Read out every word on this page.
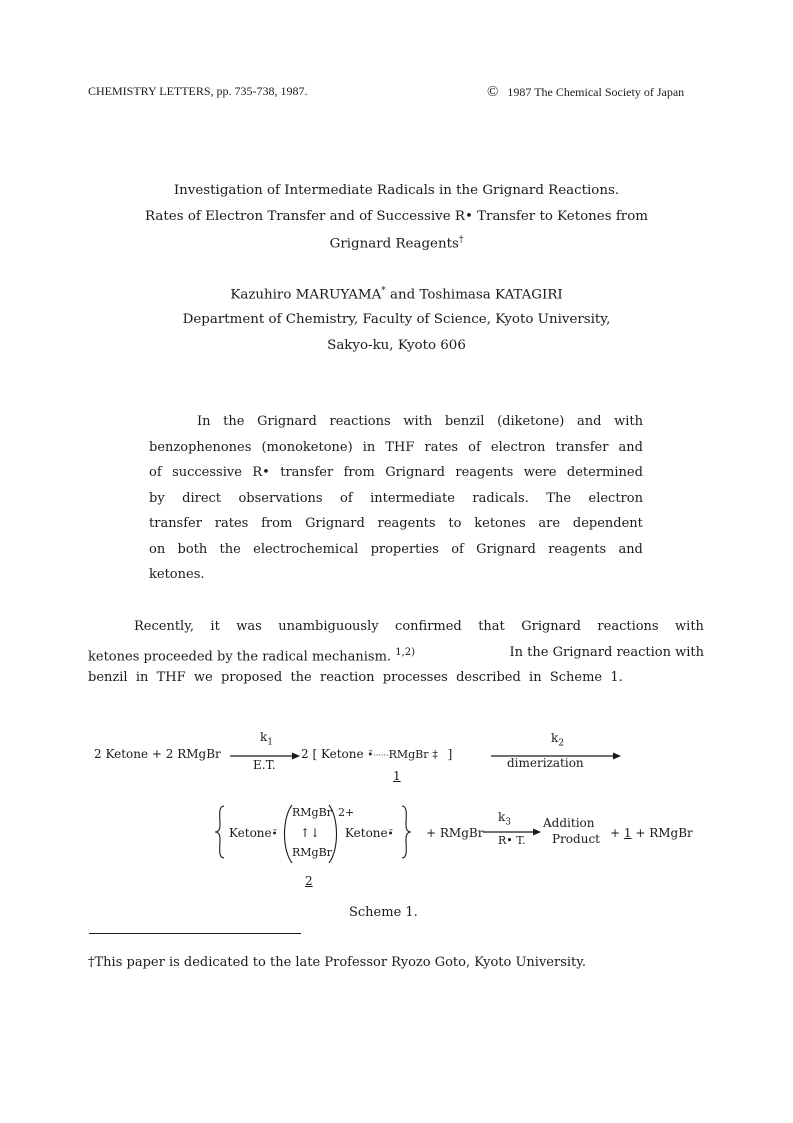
CHEMISTRY LETTERS, pp. 735-738, 1987.	© 1987 The Chemical Society of Japan
Investigation of Intermediate Radicals in the Grignard Reactions.
Rates of Electron Transfer and of Successive R• Transfer to Ketones from
Grignard Reagents†
Kazuhiro MARUYAMA* and Toshimasa KATAGIRI
Department of Chemistry, Faculty of Science, Kyoto University,
Sakyo-ku, Kyoto 606
In the Grignard reactions with benzil (diketone) and with
benzophenones (monoketone) in THF rates of electron transfer and
of successive R• transfer from Grignard reagents were determined
by direct observations of intermediate radicals. The electron
transfer rates from Grignard reagents to ketones are dependent
on both the electrochemical properties of Grignard reagents and
ketones.
Recently, it was unambiguously confirmed that Grignard reactions with
ketones proceeded by the radical mechanism. $^{1,2)}$	In the Grignard reaction with
benzil  in  THF  we  proposed  the  reaction  processes  described  in  Scheme  1.
2 Ketone + 2 RMgBr
$k_1$
E.T.
2 [ Ketone •̄······RMgBr ‡ ]
1
$k_2$
dimerization
Ketone•̄
RMgBr
↑↓
RMgBr
2+
Ketone•̄	+ RMgBr
$k_3$
R• T.
Addition
Product + 1 + RMgBr
2
Scheme 1.
†This paper is dedicated to the late Professor Ryozo Goto, Kyoto University.
